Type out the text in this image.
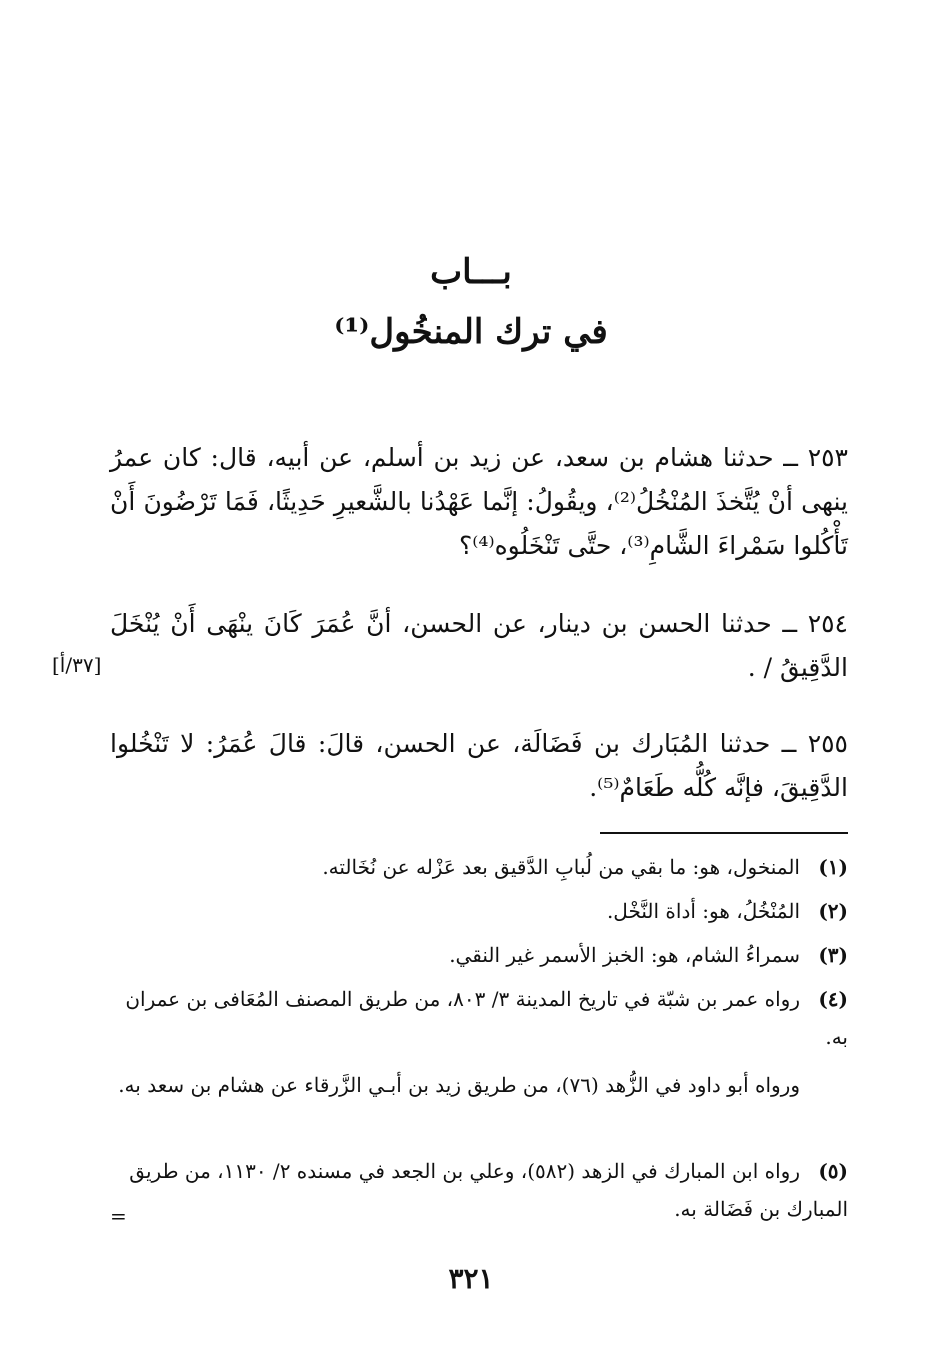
بـــاب
في ترك المنخُول⁽¹⁾
٢٥٣ ــ حدثنا هشام بن سعد، عن زيد بن أسلم، عن أبيه، قال: كان عمرُ ينهى أنْ يُتَّخذَ المُنْخُلُ⁽²⁾، ويقُولُ: إنَّما عَهْدُنا بالشَّعيرِ حَدِيثًا، فَمَا تَرْضُونَ أَنْ تَأْكُلوا سَمْراءَ الشَّامِ⁽³⁾، حتَّى تَنْخَلُوه⁽⁴⁾؟
٢٥٤ ــ حدثنا الحسن بن دينار، عن الحسن، أنَّ عُمَرَ كَانَ ينْهَى أَنْ يُنْخَلَ الدَّقِيقُ / .
[٣٧/أ]
٢٥٥ ــ حدثنا المُبَارك بن فَضَالَة، عن الحسن، قالَ: قالَ عُمَرُ: لا تَنْخُلوا الدَّقِيقَ، فإنَّه كُلُّه طَعَامٌ⁽⁵⁾.
(١)المنخول، هو: ما بقي من لُبابِ الدَّقيق بعد عَزْله عن نُخَالته.
(٢)المُنْخُلُ، هو: أداة النَّخْل.
(٣)سمراءُ الشام، هو: الخبز الأسمر غير النقي.
(٤)رواه عمر بن شبّة في تاريخ المدينة ٣/ ٨٠٣، من طريق المصنف المُعَافى بن عمران به.
ورواه أبو داود في الزُّهد (٧٦)، من طريق زيد بن أبـي الزَّرقاء عن هشام بن سعد به.
(٥)رواه ابن المبارك في الزهد (٥٨٢)، وعلي بن الجعد في مسنده ٢/ ١١٣٠، من طريق المبارك بن فَضَالة به.
=
٣٢١
